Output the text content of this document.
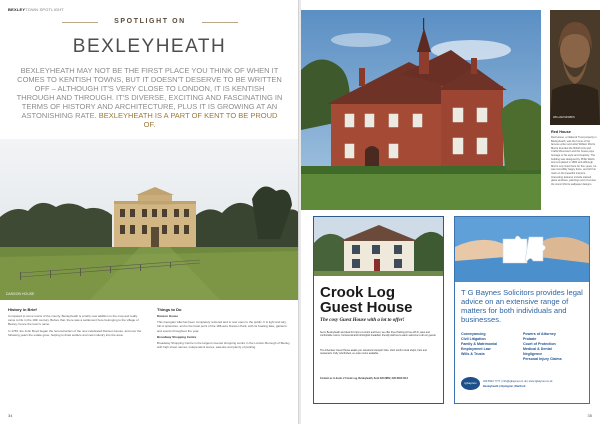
BEXLEYTOWN SPOTLIGHT
SPOTLIGHT ON
BEXLEYHEATH
BEXLEYHEATH MAY NOT BE THE FIRST PLACE YOU THINK OF WHEN IT COMES TO KENTISH TOWNS, BUT IT DOESN'T DESERVE TO BE WRITTEN OFF – ALTHOUGH IT'S VERY CLOSE TO LONDON, IT IS KENTISH THROUGH AND THROUGH. IT'S DIVERSE, EXCITING AND FASCINATING IN TERMS OF HISTORY AND ARCHITECTURE, PLUS IT IS GROWING AT AN ASTONISHING RATE. BEXLEYHEATH IS A PART OF KENT TO BE PROUD OF.
DANSON HOUSE
History in Brief

Compared to some towns of the county, Bexleyheath is a fairly new addition to the map and really came to life in the 19th century. Before that, there was a settlement here belonging to the village of Bexley, hence the town's name.

In 1766, the John Boyd began the reconstruction of the now celebrated Danson House, and over the following years the estate grew, helping to draw settlers and new industry into the area.

Things to Do

Danson House

This Georgian villa has been completely restored and is now open to the public. It is light and airy, full of splendour, and is the focal point of the 186-acre Danson Park, with its boating lake, gardens and events throughout the year.

Broadway Shopping Centre

Broadway Shopping Centre is the largest covered shopping centre in the London Borough of Bexley, with high street names, independent stores, eateries and plenty of parking.

34
WILLIAM MORRIS
Red House
Red House, a National Trust property in Bexleyheath, was the home of the famous writer and artist William Morris. Morris founded the British Arts and Crafts Movement and the house pays homage to his style and creativity. The building was designed by Philip Webb, and completed in 1860 and although Morris only lived there for five years, he was incredibly happy there, and left his mark on the beautiful interiors. Interesting features include stained glass windows, paintings and of course the iconic Morris wallpaper designs.
Crook Log Guest House
The cosy Guest House with a lot to offer!
Set in Bexleyheath and ideal for trips to London and Kent, we offer Free Parking & Free Wi-Fi, quiet and comfortable rooms, Continental and full English breakfast, friendly staff and a warm welcome to all our guests.
The Advertiser Guest House awaits you. Excellent transport links, short stroll to local shops, bars and restaurants. Fully refurbished, en-suite rooms available.
Contact us to book: 2 Crook Log, Bexleyheath, Kent DA6 8BN | 020 8303 0113
T G Baynes Solicitors provides legal advice on an extensive range of matters for both individuals and businesses.
Conveyancing
Civil Litigation
Family & Matrimonial
Employment Law
Wills & Trusts
Powers of Attorney
Probate
Court of Protection
Medical & Dental
Negligence
Personal Injury Claims
tgbaynes	020 8301 7777 | info@tgbaynes.co.uk | www.tgbaynes.co.uk
Bexleyheath | Orpington | Dartford
35
